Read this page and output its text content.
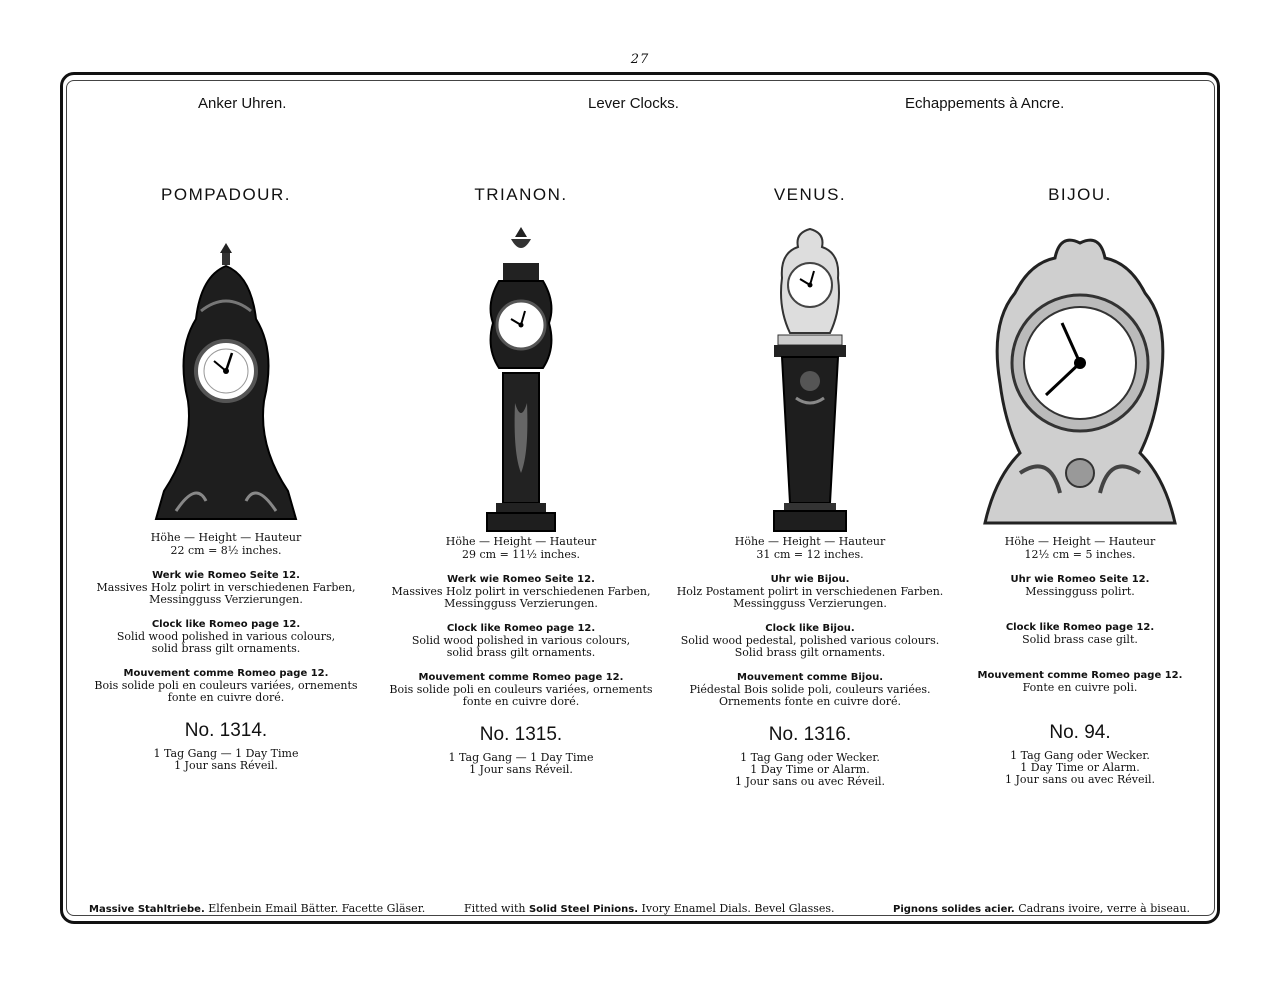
27
Anker Uhren.	Lever Clocks.	Echappements à Ancre.
POMPADOUR.
Höhe — Height — Hauteur
22 cm = 8½ inches.
Werk wie Romeo Seite 12.
Massives Holz polirt in verschiedenen Farben,
Messingguss Verzierungen.
Clock like Romeo page 12.
Solid wood polished in various colours,
solid brass gilt ornaments.
Mouvement comme Romeo page 12.
Bois solide poli en couleurs variées, ornements
fonte en cuivre doré.
No. 1314.
1 Tag Gang — 1 Day Time
1 Jour sans Réveil.
TRIANON.
Höhe — Height — Hauteur
29 cm = 11½ inches.
Werk wie Romeo Seite 12.
Massives Holz polirt in verschiedenen Farben,
Messingguss Verzierungen.
Clock like Romeo page 12.
Solid wood polished in various colours,
solid brass gilt ornaments.
Mouvement comme Romeo page 12.
Bois solide poli en couleurs variées, ornements
fonte en cuivre doré.
No. 1315.
1 Tag Gang — 1 Day Time
1 Jour sans Réveil.
VENUS.
Höhe — Height — Hauteur
31 cm = 12 inches.
Uhr wie Bijou.
Holz Postament polirt in verschiedenen Farben.
Messingguss Verzierungen.
Clock like Bijou.
Solid wood pedestal, polished various colours.
Solid brass gilt ornaments.
Mouvement comme Bijou.
Piédestal Bois solide poli, couleurs variées.
Ornements fonte en cuivre doré.
No. 1316.
1 Tag Gang oder Wecker.
1 Day Time or Alarm.
1 Jour sans ou avec Réveil.
BIJOU.
Höhe — Height — Hauteur
12½ cm = 5 inches.
Uhr wie Romeo Seite 12.
Messingguss polirt.
Clock like Romeo page 12.
Solid brass case gilt.
Mouvement comme Romeo page 12.
Fonte en cuivre poli.
No. 94.
1 Tag Gang oder Wecker.
1 Day Time or Alarm.
1 Jour sans ou avec Réveil.
Massive Stahltriebe. Elfenbein Email Bätter. Facette Gläser.	Fitted with Solid Steel Pinions. Ivory Enamel Dials. Bevel Glasses.	Pignons solides acier. Cadrans ivoire, verre à biseau.
